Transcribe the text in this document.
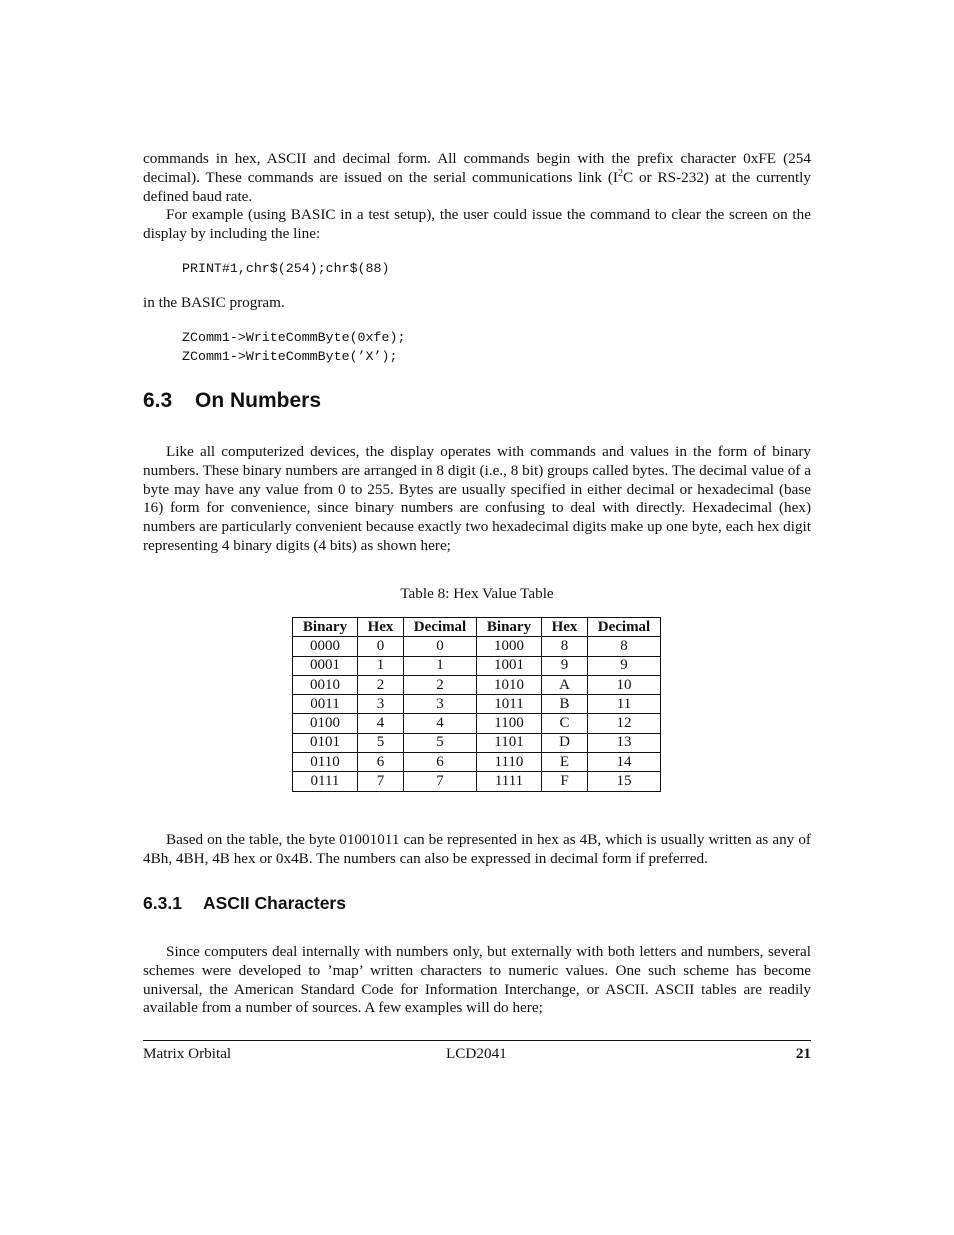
commands in hex, ASCII and decimal form. All commands begin with the prefix character 0xFE (254 decimal). These commands are issued on the serial communications link ($I^2C$ or RS-232) at the currently defined baud rate.

For example (using BASIC in a test setup), the user could issue the command to clear the screen on the display by including the line:

PRINT#1,chr$(254);chr$(88)

in the BASIC program.

ZComm1->WriteCommByte(0xfe);

ZComm1->WriteCommByte(’X’);

6.3 On Numbers

Like all computerized devices, the display operates with commands and values in the form of binary numbers. These binary numbers are arranged in 8 digit (i.e., 8 bit) groups called bytes. The decimal value of a byte may have any value from 0 to 255. Bytes are usually specified in either decimal or hexadecimal (base 16) form for convenience, since binary numbers are confusing to deal with directly. Hexadecimal (hex) numbers are particularly convenient because exactly two hexadecimal digits make up one byte, each hex digit representing 4 binary digits (4 bits) as shown here;

Table 8: Hex Value Table

Binary	Hex	Decimal	Binary	Hex	Decimal
0000	0	0	1000	8	8
0001	1	1	1001	9	9
0010	2	2	1010	A	10
0011	3	3	1011	B	11
0100	4	4	1100	C	12
0101	5	5	1101	D	13
0110	6	6	1110	E	14
0111	7	7	1111	F	15

Based on the table, the byte 01001011 can be represented in hex as 4B, which is usually written as any of 4Bh, 4BH, 4B hex or 0x4B. The numbers can also be expressed in decimal form if preferred.

6.3.1 ASCII Characters

Since computers deal internally with numbers only, but externally with both letters and numbers, several schemes were developed to ’map’ written characters to numeric values. One such scheme has become universal, the American Standard Code for Information Interchange, or ASCII. ASCII tables are readily available from a number of sources. A few examples will do here;

Matrix Orbital	LCD2041	21
